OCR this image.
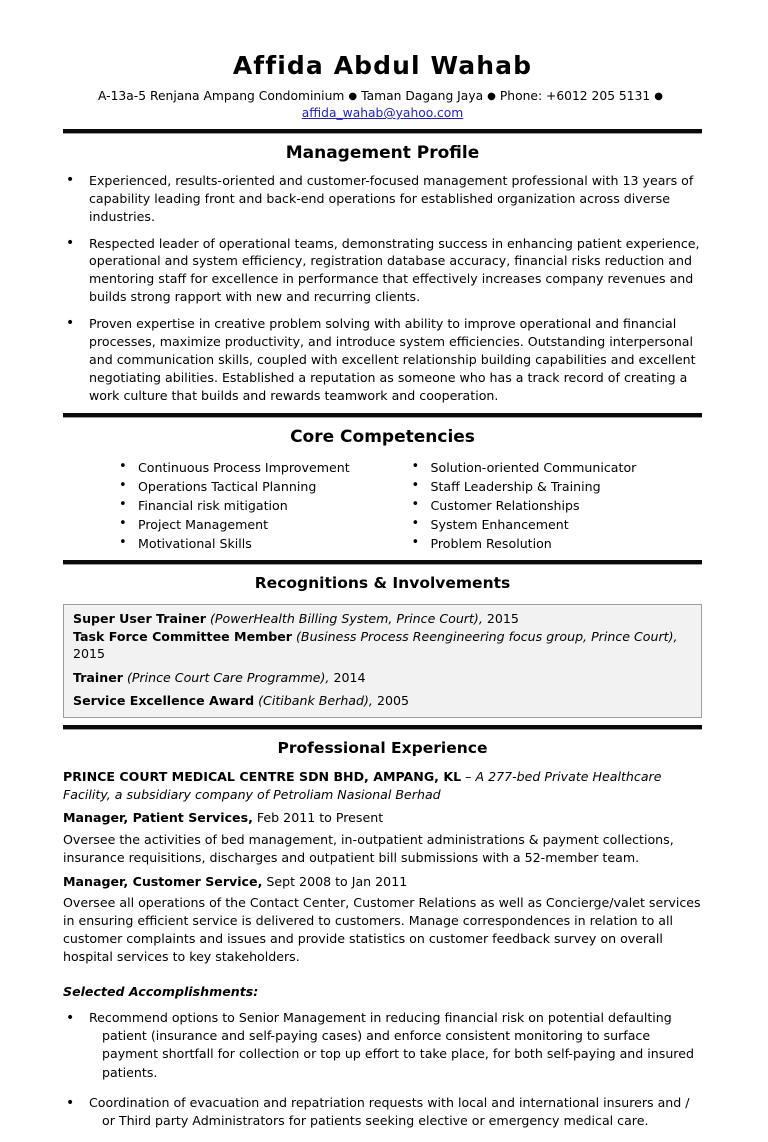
Affida Abdul Wahab
A-13a-5 Renjana Ampang Condominium ● Taman Dagang Jaya ● Phone: +6012 205 5131 ●
affida_wahab@yahoo.com
Management Profile
• Experienced, results-oriented and customer-focused management professional with 13 years of capability leading front and back-end operations for established organization across diverse industries.
• Respected leader of operational teams, demonstrating success in enhancing patient experience, operational and system efficiency, registration database accuracy, financial risks reduction and mentoring staff for excellence in performance that effectively increases company revenues and builds strong rapport with new and recurring clients.
• Proven expertise in creative problem solving with ability to improve operational and financial processes, maximize productivity, and introduce system efficiencies. Outstanding interpersonal and communication skills, coupled with excellent relationship building capabilities and excellent negotiating abilities. Established a reputation as someone who has a track record of creating a work culture that builds and rewards teamwork and cooperation.
Core Competencies
• Continuous Process Improvement
• Operations Tactical Planning
• Financial risk mitigation
• Project Management
• Motivational Skills
• Solution-oriented Communicator
• Staff Leadership & Training
• Customer Relationships
• System Enhancement
• Problem Resolution
Recognitions & Involvements
Super User Trainer (PowerHealth Billing System, Prince Court), 2015
Task Force Committee Member (Business Process Reengineering focus group, Prince Court), 2015
Trainer (Prince Court Care Programme), 2014
Service Excellence Award (Citibank Berhad), 2005
Professional Experience
PRINCE COURT MEDICAL CENTRE SDN BHD, AMPANG, KL – A 277-bed Private Healthcare Facility, a subsidiary company of Petroliam Nasional Berhad
Manager, Patient Services, Feb 2011 to Present
Oversee the activities of bed management, in-outpatient administrations & payment collections, insurance requisitions, discharges and outpatient bill submissions with a 52-member team.
Manager, Customer Service, Sept 2008 to Jan 2011
Oversee all operations of the Contact Center, Customer Relations as well as Concierge/valet services in ensuring efficient service is delivered to customers. Manage correspondences in relation to all customer complaints and issues and provide statistics on customer feedback survey on overall hospital services to key stakeholders.
Selected Accomplishments:
• Recommend options to Senior Management in reducing financial risk on potential defaulting patient (insurance and self-paying cases) and enforce consistent monitoring to surface payment shortfall for collection or top up effort to take place, for both self-paying and insured patients.
• Coordination of evacuation and repatriation requests with local and international insurers and / or Third party Administrators for patients seeking elective or emergency medical care.
